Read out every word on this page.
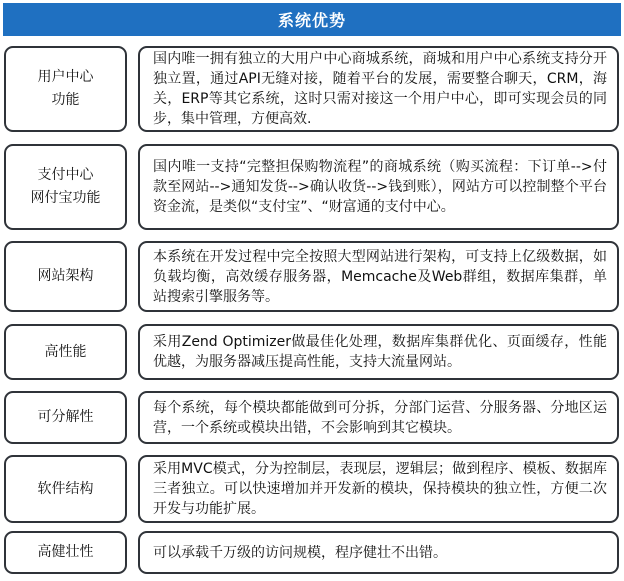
系统优势
用户中心
功能
国内唯一拥有独立的大用户中心商城系统，商城和用户中心系统支持分开独立置，通过API无缝对接，随着平台的发展，需要整合聊天，CRM，海关，ERP等其它系统，这时只需对接这一个用户中心，即可实现会员的同步，集中管理，方便高效.
支付中心
网付宝功能
国内唯一支持“完整担保购物流程”的商城系统（购买流程：下订单-->付款至网站-->通知发货-->确认收货-->钱到账），网站方可以控制整个平台资金流，是类似“支付宝”、“财富通的支付中心。
网站架构
本系统在开发过程中完全按照大型网站进行架构，可支持上亿级数据，如负载均衡，高效缓存服务器，Memcache及Web群组，数据库集群，单站搜索引擎服务等。
高性能
采用Zend Optimizer做最佳化处理，数据库集群优化、页面缓存，性能优越，为服务器减压提高性能，支持大流量网站。
可分解性
每个系统，每个模块都能做到可分拆，分部门运营、分服务器、分地区运营，一个系统或模块出错，不会影响到其它模块。
软件结构
采用MVC模式，分为控制层，表现层，逻辑层；做到程序、模板、数据库三者独立。可以快速增加并开发新的模块，保持模块的独立性，方便二次开发与功能扩展。
高健壮性	可以承载千万级的访问规模，程序健壮不出错。
